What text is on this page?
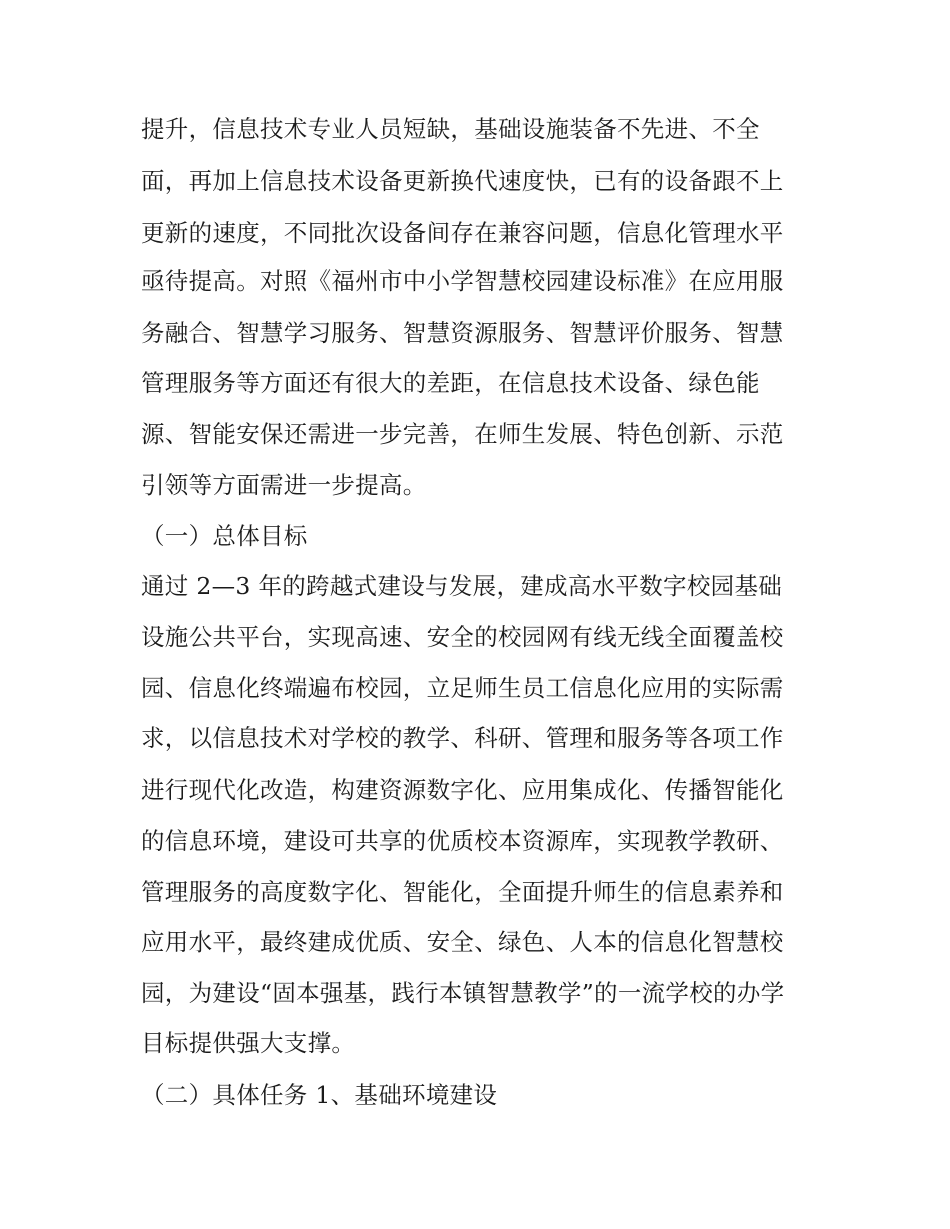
提升，信息技术专业人员短缺，基础设施装备不先进、不全
面，再加上信息技术设备更新换代速度快，已有的设备跟不上
更新的速度，不同批次设备间存在兼容问题，信息化管理水平
亟待提高。对照《福州市中小学智慧校园建设标准》在应用服
务融合、智慧学习服务、智慧资源服务、智慧评价服务、智慧
管理服务等方面还有很大的差距，在信息技术设备、绿色能
源、智能安保还需进一步完善，在师生发展、特色创新、示范
引领等方面需进一步提高。
（一）总体目标
通过 2—3 年的跨越式建设与发展，建成高水平数字校园基础
设施公共平台，实现高速、安全的校园网有线无线全面覆盖校
园、信息化终端遍布校园，立足师生员工信息化应用的实际需
求，以信息技术对学校的教学、科研、管理和服务等各项工作
进行现代化改造，构建资源数字化、应用集成化、传播智能化
的信息环境，建设可共享的优质校本资源库，实现教学教研、
管理服务的高度数字化、智能化，全面提升师生的信息素养和
应用水平，最终建成优质、安全、绿色、人本的信息化智慧校
园，为建设“固本强基，践行本镇智慧教学”的一流学校的办学
目标提供强大支撑。
（二）具体任务 1、基础环境建设
